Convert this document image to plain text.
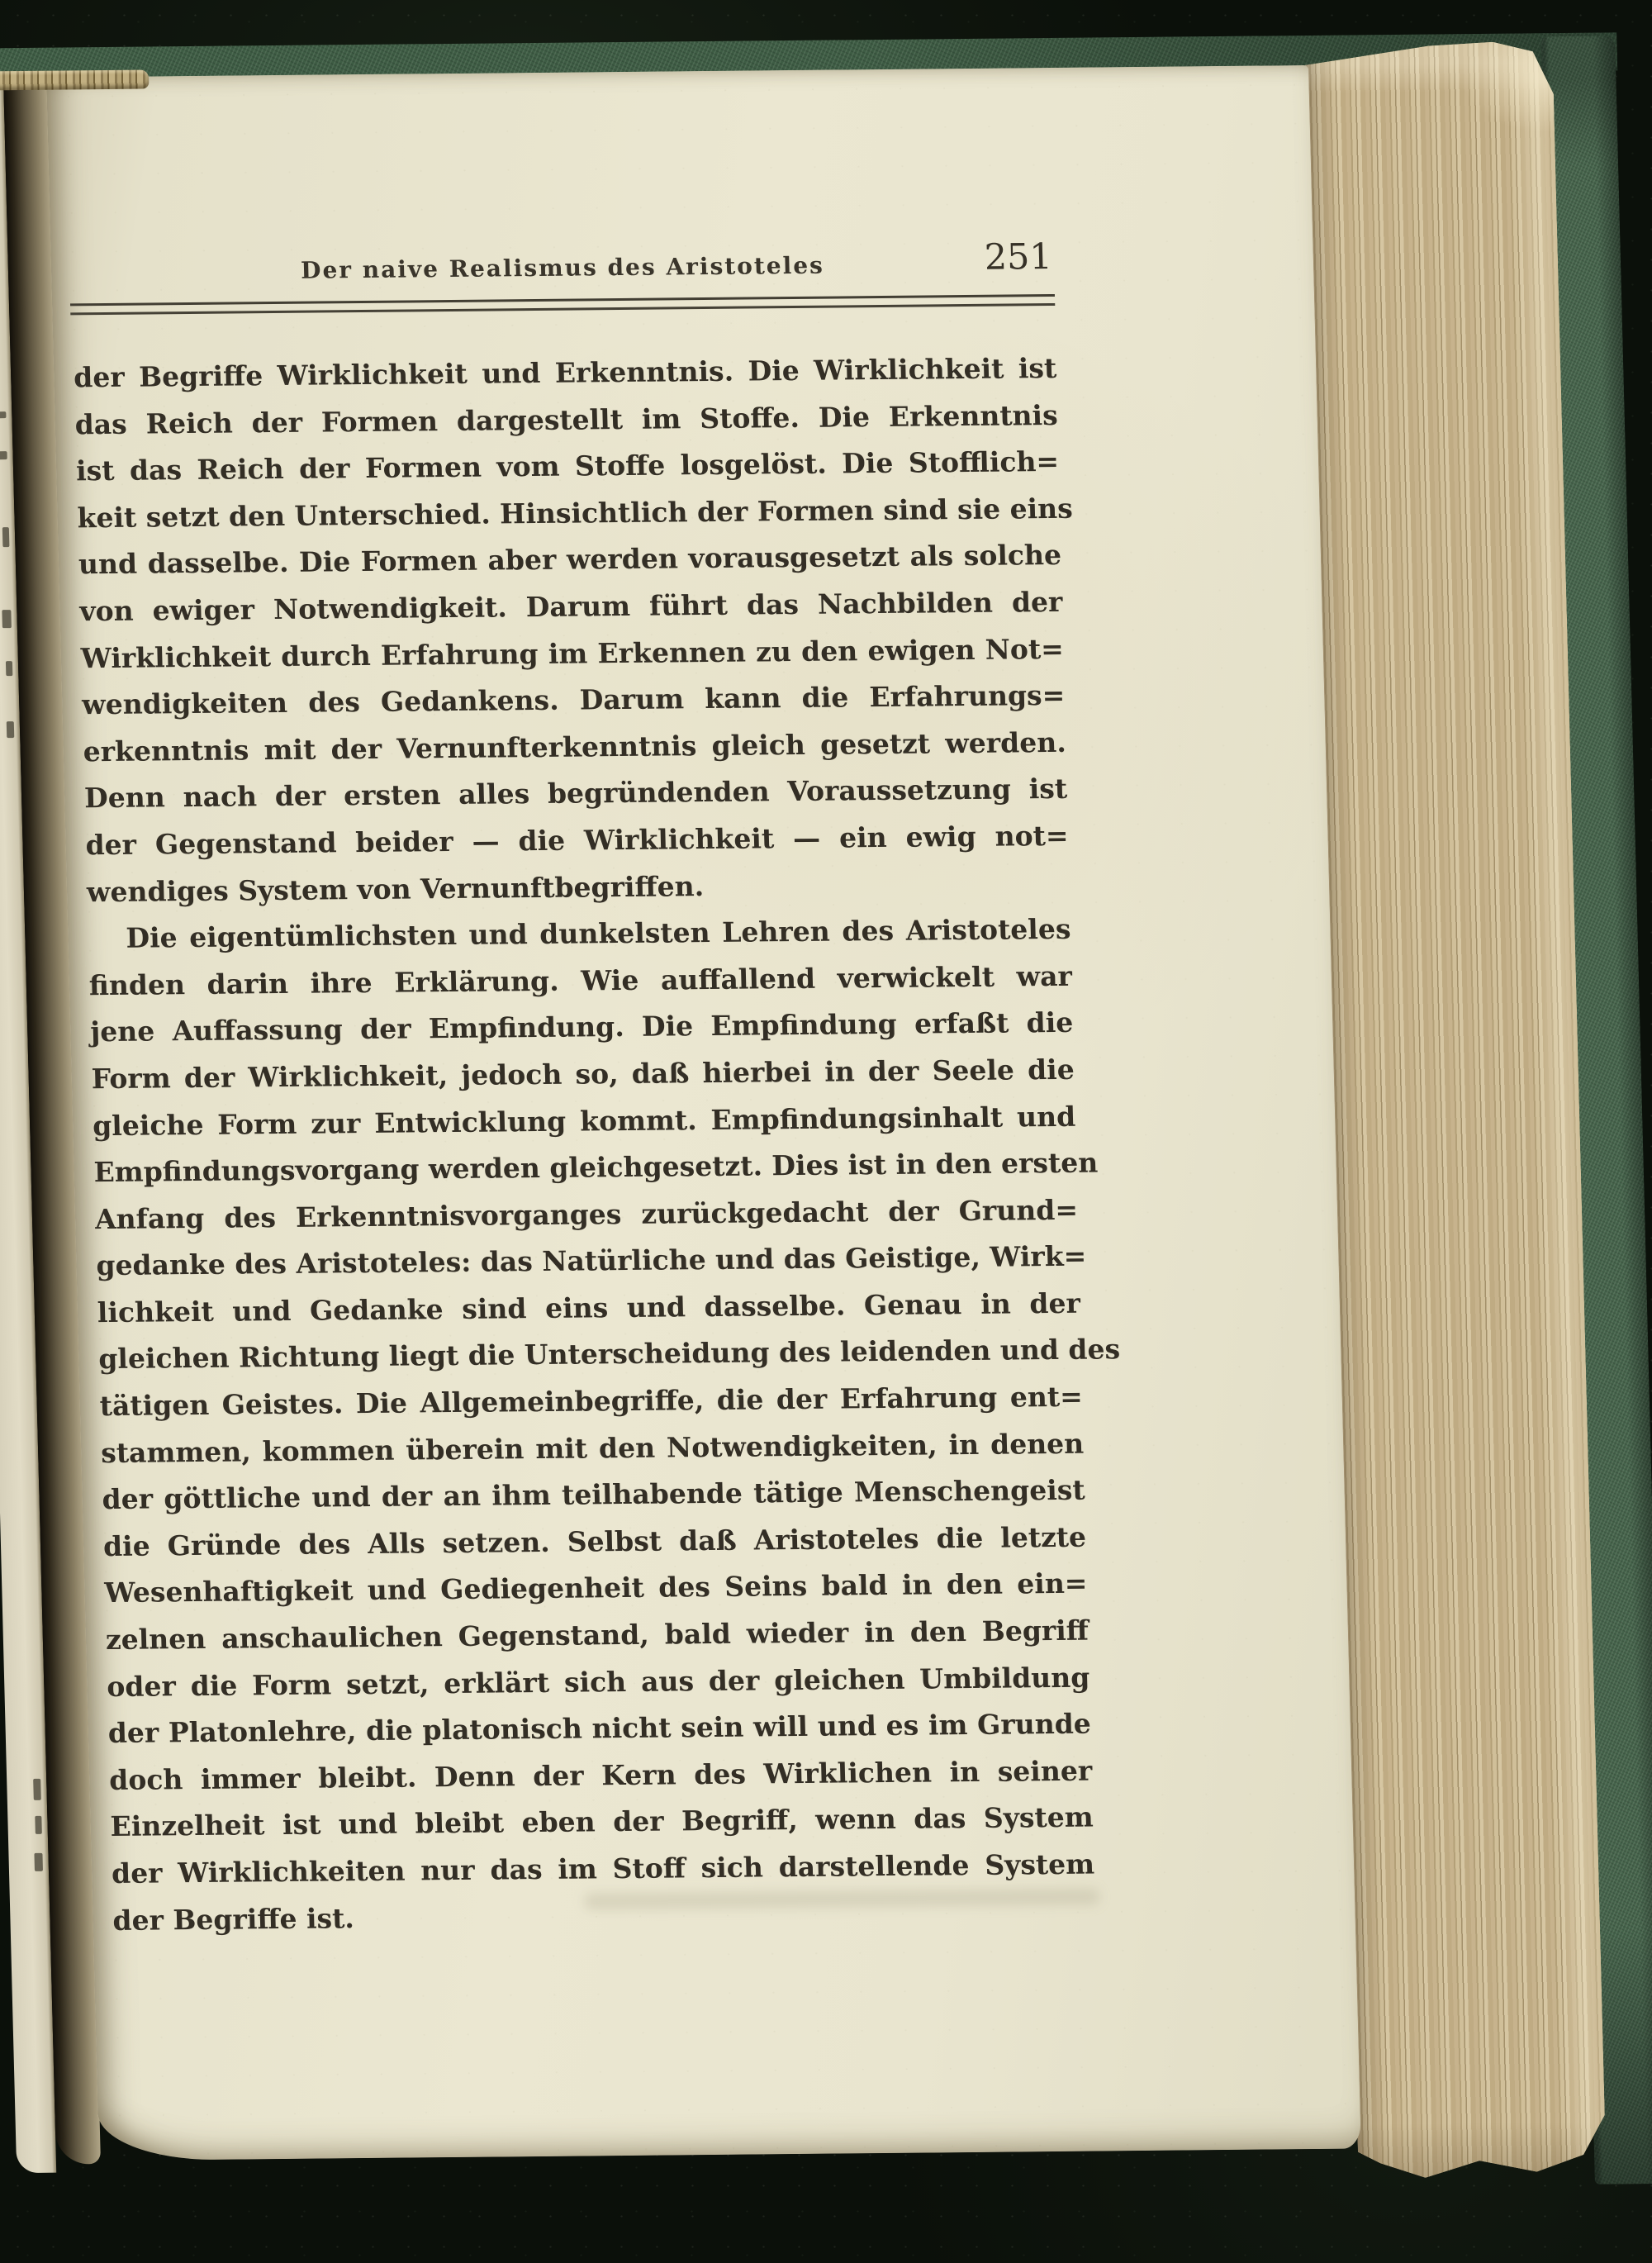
Der naive Realismus des Aristoteles	251
der Begriffe Wirklichkeit und Erkenntnis. Die Wirklichkeit ist
das Reich der Formen dargestellt im Stoffe. Die Erkenntnis
ist das Reich der Formen vom Stoffe losgelöst. Die Stofflich=
keit setzt den Unterschied. Hinsichtlich der Formen sind sie eins
und dasselbe. Die Formen aber werden vorausgesetzt als solche
von ewiger Notwendigkeit. Darum führt das Nachbilden der
Wirklichkeit durch Erfahrung im Erkennen zu den ewigen Not=
wendigkeiten des Gedankens. Darum kann die Erfahrungs=
erkenntnis mit der Vernunfterkenntnis gleich gesetzt werden.
Denn nach der ersten alles begründenden Voraussetzung ist
der Gegenstand beider — die Wirklichkeit — ein ewig not=
wendiges System von Vernunftbegriffen.
Die eigentümlichsten und dunkelsten Lehren des Aristoteles
finden darin ihre Erklärung. Wie auffallend verwickelt war
jene Auffassung der Empfindung. Die Empfindung erfaßt die
Form der Wirklichkeit, jedoch so, daß hierbei in der Seele die
gleiche Form zur Entwicklung kommt. Empfindungsinhalt und
Empfindungsvorgang werden gleichgesetzt. Dies ist in den ersten
Anfang des Erkenntnisvorganges zurückgedacht der Grund=
gedanke des Aristoteles: das Natürliche und das Geistige, Wirk=
lichkeit und Gedanke sind eins und dasselbe. Genau in der
gleichen Richtung liegt die Unterscheidung des leidenden und des
tätigen Geistes. Die Allgemeinbegriffe, die der Erfahrung ent=
stammen, kommen überein mit den Notwendigkeiten, in denen
der göttliche und der an ihm teilhabende tätige Menschengeist
die Gründe des Alls setzen. Selbst daß Aristoteles die letzte
Wesenhaftigkeit und Gediegenheit des Seins bald in den ein=
zelnen anschaulichen Gegenstand, bald wieder in den Begriff
oder die Form setzt, erklärt sich aus der gleichen Umbildung
der Platonlehre, die platonisch nicht sein will und es im Grunde
doch immer bleibt. Denn der Kern des Wirklichen in seiner
Einzelheit ist und bleibt eben der Begriff, wenn das System
der Wirklichkeiten nur das im Stoff sich darstellende System
der Begriffe ist.
